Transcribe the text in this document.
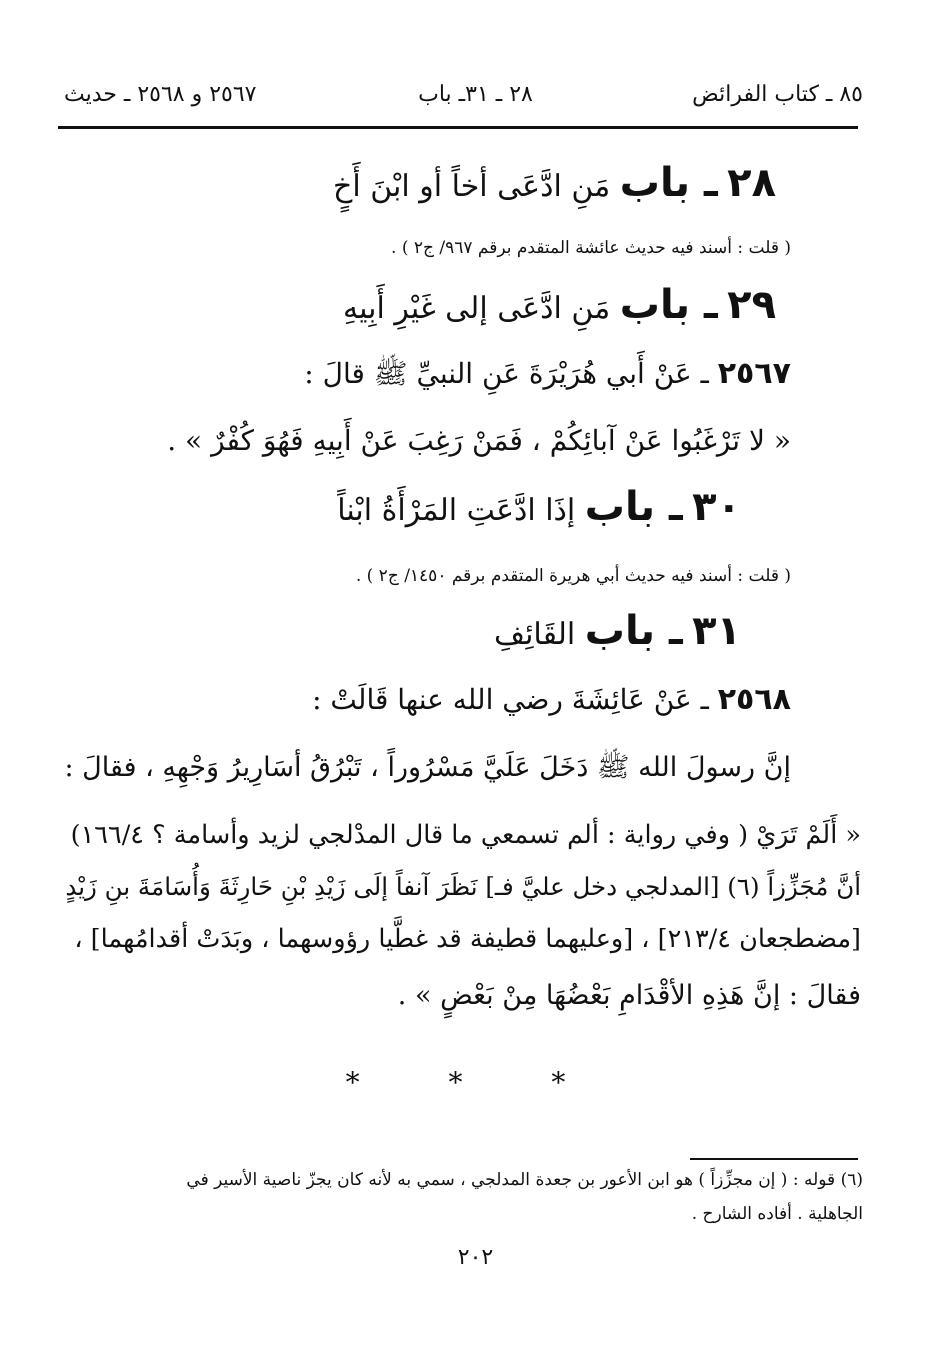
٨٥ ـ كتاب الفرائض
٢٨ ـ ٣١ـ باب
٢٥٦٧ و ٢٥٦٨ ـ حديث
٢٨ ـ باب مَنِ ادَّعَى أخاً أو ابْنَ أَخٍ
( قلت : أسند فيه حديث عائشة المتقدم برقم ٩٦٧/ ج٢ ) .
٢٩ ـ باب مَنِ ادَّعَى إلى غَيْرِ أَبِيهِ
٢٥٦٧ ـ عَنْ أَبي هُرَيْرَةَ عَنِ النبيِّ ﷺ قالَ :
« لا تَرْغَبُوا عَنْ آبائِكُمْ ، فَمَنْ رَغِبَ عَنْ أَبِيهِ فَهُوَ كُفْرٌ » .
٣٠ ـ باب إذَا ادَّعَتِ المَرْأَةُ ابْناً
( قلت : أسند فيه حديث أبي هريرة المتقدم برقم ١٤٥٠/ ج٢ ) .
٣١ ـ باب القَائِفِ
٢٥٦٨ ـ عَنْ عَائِشَةَ رضي الله عنها قَالَتْ :
إنَّ رسولَ الله ﷺ دَخَلَ عَلَيَّ مَسْرُوراً ، تَبْرُقُ أسَارِيرُ وَجْهِهِ ، فقالَ :
« أَلَمْ تَرَيْ ( وفي رواية : ألم تسمعي ما قال المدْلجي لزيد وأسامة ؟ ١٦٦/٤)
أنَّ مُجَزِّزاً (٦) [المدلجي دخل عليَّ فـ] نَظَرَ آنفاً إلَى زَيْدِ بْنِ حَارِثَةَ وَأُسَامَةَ بنِ زَيْدٍ
[مضطجعان ٢١٣/٤] ، [وعليهما قطيفة قد غطَّيا رؤوسهما ، وبَدَتْ أقدامُهما] ،
فقالَ : إنَّ هَذِهِ الأقْدَامِ بَعْضُهَا مِنْ بَعْضٍ » .
* * *
(٦) قوله : ( إن مجزِّزاً ) هو ابن الأعور بن جعدة المدلجي ، سمي به لأنه كان يجزّ ناصية الأسير في
الجاهلية . أفاده الشارح .
٢٠٢
